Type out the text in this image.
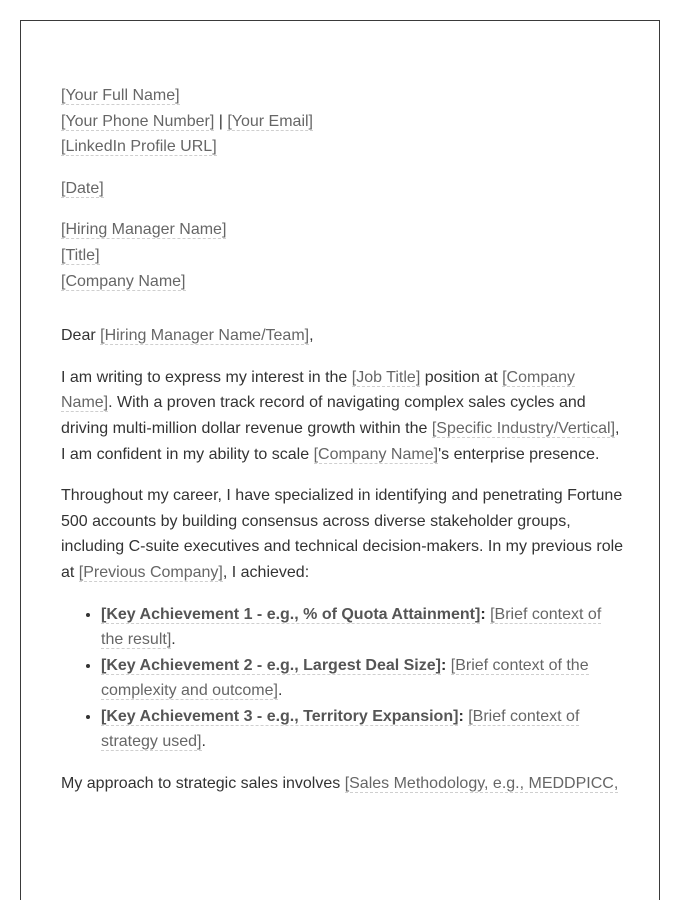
[Your Full Name]
[Your Phone Number] | [Your Email]
[LinkedIn Profile URL]
[Date]
[Hiring Manager Name]
[Title]
[Company Name]

Dear [Hiring Manager Name/Team],

I am writing to express my interest in the [Job Title] position at [Company Name]. With a proven track record of navigating complex sales cycles and driving multi-million dollar revenue growth within the [Specific Industry/Vertical], I am confident in my ability to scale [Company Name]'s enterprise presence.

Throughout my career, I have specialized in identifying and penetrating Fortune 500 accounts by building consensus across diverse stakeholder groups, including C-suite executives and technical decision-makers. In my previous role at [Previous Company], I achieved:

• [Key Achievement 1 - e.g., % of Quota Attainment]: [Brief context of the result].
• [Key Achievement 2 - e.g., Largest Deal Size]: [Brief context of the complexity and outcome].
• [Key Achievement 3 - e.g., Territory Expansion]: [Brief context of strategy used].

My approach to strategic sales involves [Sales Methodology, e.g., MEDDPICC,
